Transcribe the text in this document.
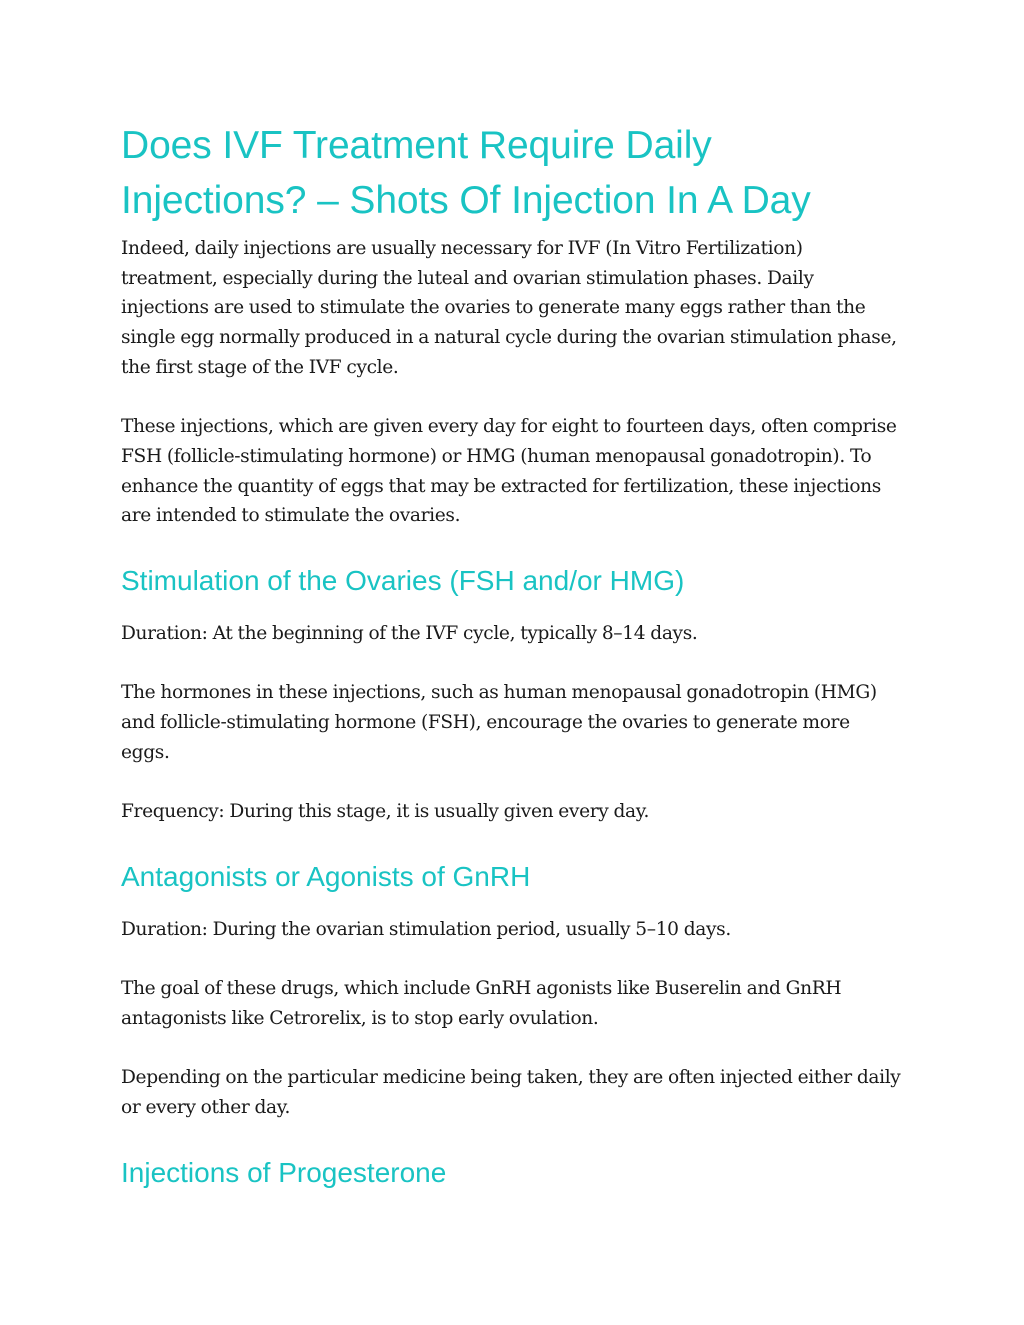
Does IVF Treatment Require Daily Injections? – Shots Of Injection In A Day

Indeed, daily injections are usually necessary for IVF (In Vitro Fertilization) treatment, especially during the luteal and ovarian stimulation phases. Daily injections are used to stimulate the ovaries to generate many eggs rather than the single egg normally produced in a natural cycle during the ovarian stimulation phase, the first stage of the IVF cycle.

These injections, which are given every day for eight to fourteen days, often comprise FSH (follicle-stimulating hormone) or HMG (human menopausal gonadotropin). To enhance the quantity of eggs that may be extracted for fertilization, these injections are intended to stimulate the ovaries.

Stimulation of the Ovaries (FSH and/or HMG)

Duration: At the beginning of the IVF cycle, typically 8–14 days.

The hormones in these injections, such as human menopausal gonadotropin (HMG) and follicle-stimulating hormone (FSH), encourage the ovaries to generate more eggs.

Frequency: During this stage, it is usually given every day.

Antagonists or Agonists of GnRH

Duration: During the ovarian stimulation period, usually 5–10 days.

The goal of these drugs, which include GnRH agonists like Buserelin and GnRH antagonists like Cetrorelix, is to stop early ovulation.

Depending on the particular medicine being taken, they are often injected either daily or every other day.

Injections of Progesterone
